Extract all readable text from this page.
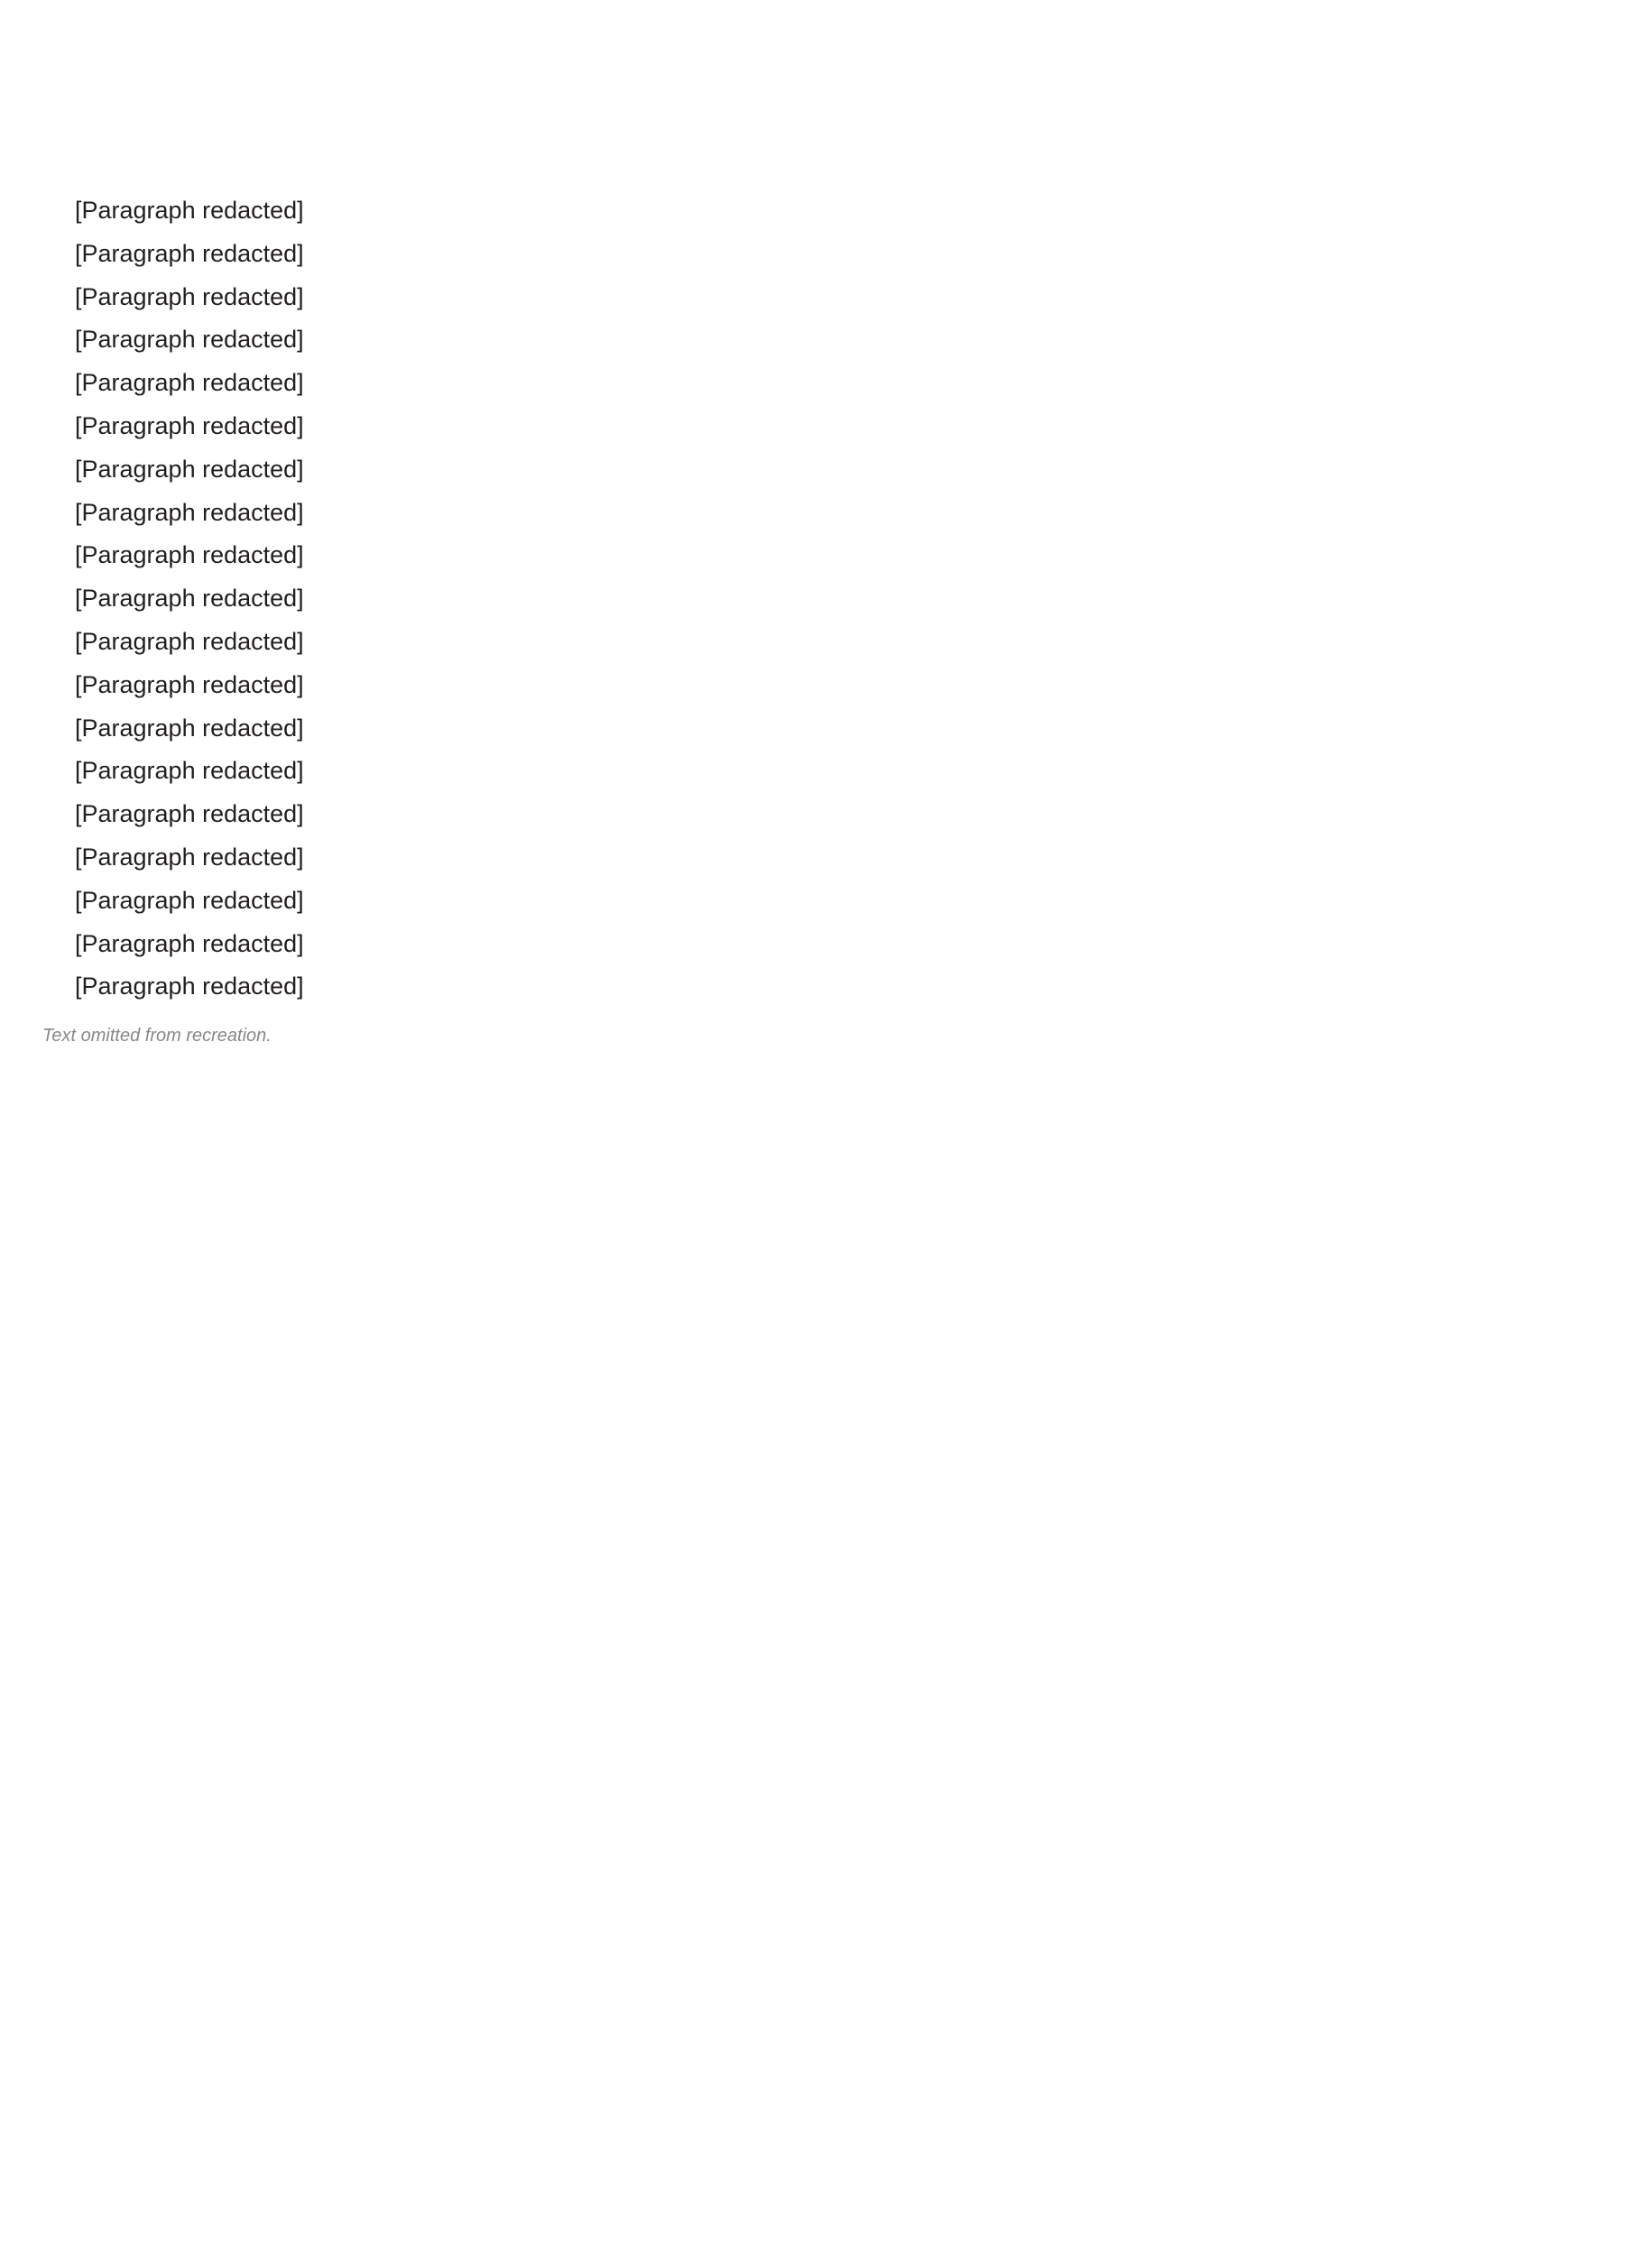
[Paragraph redacted]

[Paragraph redacted]

[Paragraph redacted]

[Paragraph redacted]

[Paragraph redacted]

[Paragraph redacted]

[Paragraph redacted]

[Paragraph redacted]

[Paragraph redacted]

[Paragraph redacted]

[Paragraph redacted]

[Paragraph redacted]

[Paragraph redacted]

[Paragraph redacted]

[Paragraph redacted]

[Paragraph redacted]

[Paragraph redacted]

[Paragraph redacted]

[Paragraph redacted]

Text omitted from recreation.
